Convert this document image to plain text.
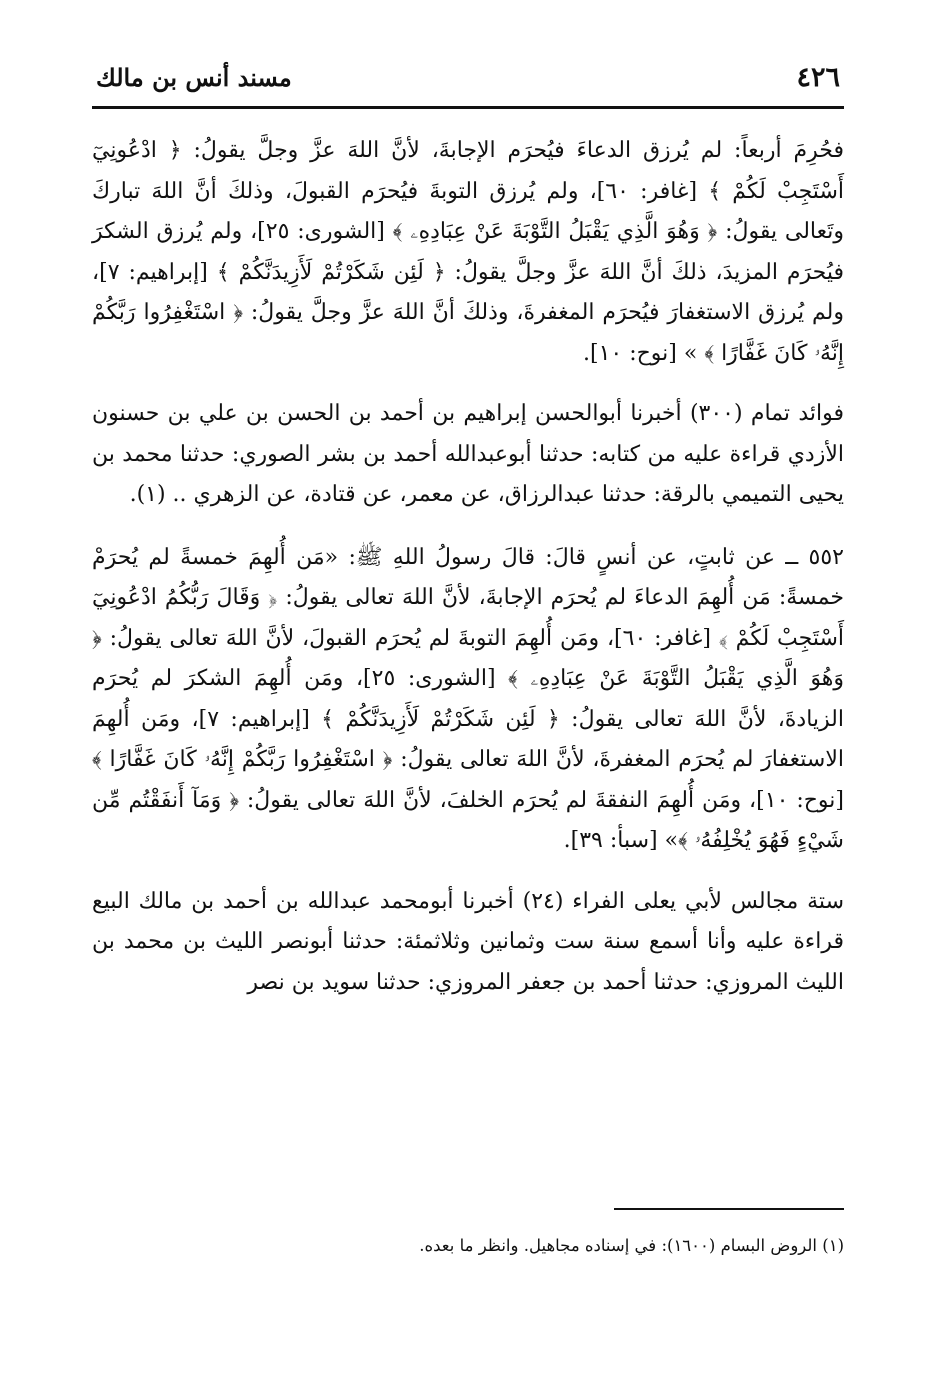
٤٢٦
مسند أنس بن مالك

فحُرِمَ أربعاً: لم يُرزق الدعاءَ فيُحرَم الإجابةَ، لأنَّ اللهَ عزَّ وجلَّ يقولُ: ﴿ ادْعُونِيٓ أَسْتَجِبْ لَكُمْ ﴾ [غافر: ٦٠]، ولم يُرزق التوبةَ فيُحرَم القبولَ، وذلكَ أنَّ اللهَ تباركَ وتَعالى يقولُ: ﴿ وَهُوَ الَّذِي يَقْبَلُ التَّوْبَةَ عَنْ عِبَادِهِۦ ﴾ [الشورى: ٢٥]، ولم يُرزق الشكرَ فيُحرَم المزيدَ، ذلكَ أنَّ اللهَ عزَّ وجلَّ يقولُ: ﴿ لَئِن شَكَرْتُمْ لَأَزِيدَنَّكُمْ ﴾ [إبراهيم: ٧]، ولم يُرزق الاستغفارَ فيُحرَم المغفرةَ، وذلكَ أنَّ اللهَ عزَّ وجلَّ يقولُ: ﴿ اسْتَغْفِرُوا رَبَّكُمْ إِنَّهُۥ كَانَ غَفَّارًا ﴾ » [نوح: ١٠].

فوائد تمام (٣٠٠) أخبرنا أبوالحسن إبراهيم بن أحمد بن الحسن بن علي بن حسنون الأزدي قراءة عليه من كتابه: حدثنا أبوعبدالله أحمد بن بشر الصوري: حدثنا محمد بن يحيى التميمي بالرقة: حدثنا عبدالرزاق، عن معمر، عن قتادة، عن الزهري .. (١).

٥٥٢ ــ عن ثابتٍ، عن أنسٍ قالَ: قالَ رسولُ اللهِ ﷺ: «مَن أُلهِمَ خمسةً لم يُحرَمْ خمسةً: مَن أُلهِمَ الدعاءَ لم يُحرَم الإجابةَ، لأنَّ اللهَ تعالى يقولُ: ﴿ وَقَالَ رَبُّكُمُ ادْعُونِيٓ أَسْتَجِبْ لَكُمْ ﴾ [غافر: ٦٠]، ومَن أُلهِمَ التوبةَ لم يُحرَم القبولَ، لأنَّ اللهَ تعالى يقولُ: ﴿ وَهُوَ الَّذِي يَقْبَلُ التَّوْبَةَ عَنْ عِبَادِهِۦ ﴾ [الشورى: ٢٥]، ومَن أُلهِمَ الشكرَ لم يُحرَم الزيادةَ، لأنَّ اللهَ تعالى يقولُ: ﴿ لَئِن شَكَرْتُمْ لَأَزِيدَنَّكُمْ ﴾ [إبراهيم: ٧]، ومَن أُلهِمَ الاستغفارَ لم يُحرَم المغفرةَ، لأنَّ اللهَ تعالى يقولُ: ﴿ اسْتَغْفِرُوا رَبَّكُمْ إِنَّهُۥ كَانَ غَفَّارًا ﴾ [نوح: ١٠]، ومَن أُلهِمَ النفقةَ لم يُحرَم الخلفَ، لأنَّ اللهَ تعالى يقولُ: ﴿ وَمَآ أَنفَقْتُم مِّن شَيْءٍ فَهُوَ يُخْلِفُهُۥ ﴾» [سبأ: ٣٩].

ستة مجالس لأبي يعلى الفراء (٢٤) أخبرنا أبومحمد عبدالله بن أحمد بن مالك البيع قراءة عليه وأنا أسمع سنة ست وثمانين وثلاثمئة: حدثنا أبونصر الليث بن محمد بن الليث المروزي: حدثنا أحمد بن جعفر المروزي: حدثنا سويد بن نصر

(١) الروض البسام (١٦٠٠): في إسناده مجاهيل. وانظر ما بعده.
